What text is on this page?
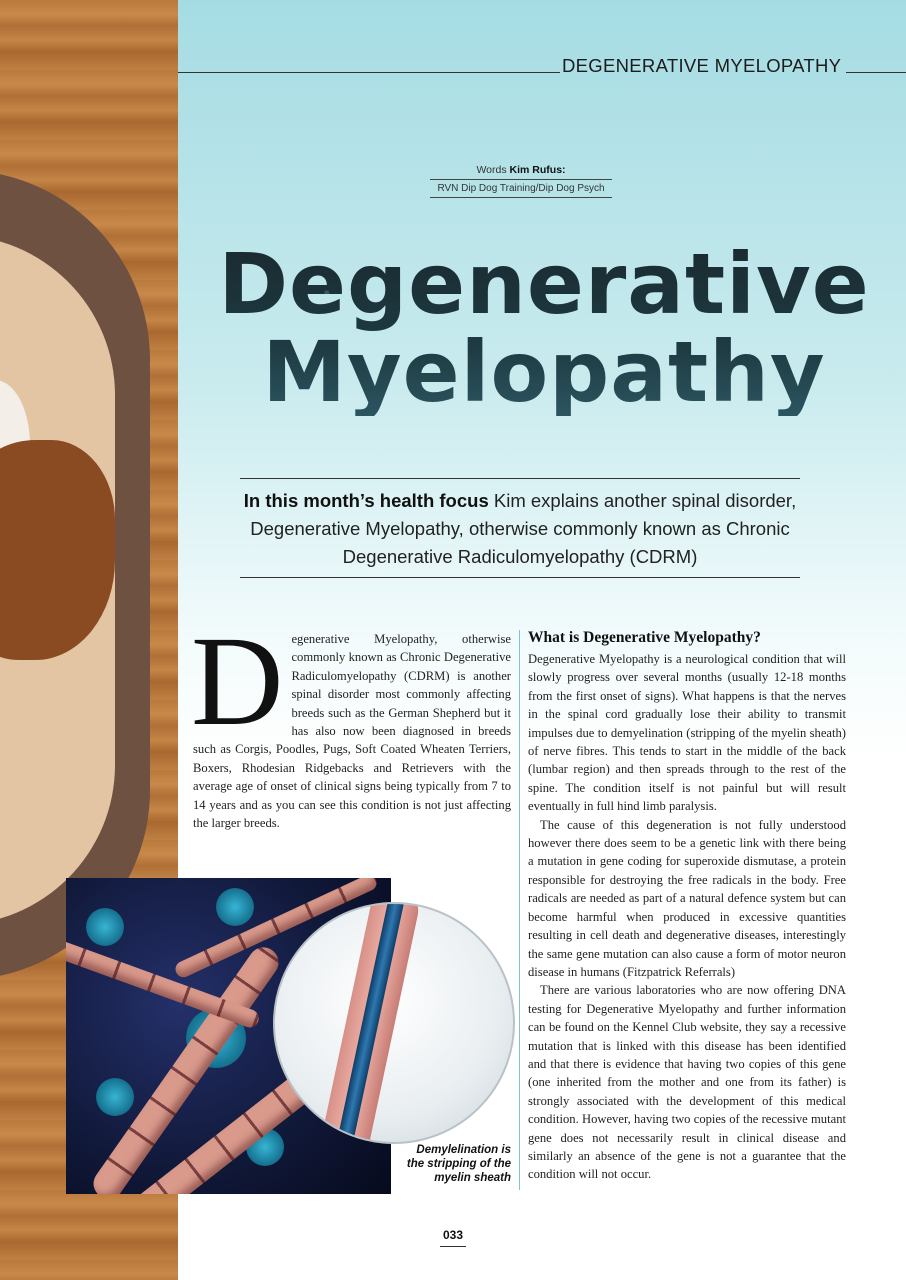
DEGENERATIVE MYELOPATHY
Words Kim Rufus:
RVN Dip Dog Training/Dip Dog Psych
Degenerative
Myelopathy
In this month’s health focus Kim explains another spinal disorder, Degenerative Myelopathy, otherwise commonly known as Chronic Degenerative Radiculomyelopathy (CDRM)
Degenerative Myelopathy, otherwise commonly known as Chronic Degenerative Radiculomyelopathy (CDRM) is another spinal disorder most commonly affecting breeds such as the German Shepherd but it has also now been diagnosed in breeds such as Corgis, Poodles, Pugs, Soft Coated Wheaten Terriers, Boxers, Rhodesian Ridgebacks and Retrievers with the average age of onset of clinical signs being typically from 7 to 14 years and as you can see this condition is not just affecting the larger breeds.
What is Degenerative Myelopathy?

Degenerative Myelopathy is a neurological condition that will slowly progress over several months (usually 12-18 months from the first onset of signs). What happens is that the nerves in the spinal cord gradually lose their ability to transmit impulses due to demyelination (stripping of the myelin sheath) of nerve fibres. This tends to start in the middle of the back (lumbar region) and then spreads through to the rest of the spine. The condition itself is not painful but will result eventually in full hind limb paralysis.

The cause of this degeneration is not fully understood however there does seem to be a genetic link with there being a mutation in gene coding for superoxide dismutase, a protein responsible for destroying the free radicals in the body. Free radicals are needed as part of a natural defence system but can become harmful when produced in excessive quantities resulting in cell death and degenerative diseases, interestingly the same gene mutation can also cause a form of motor neuron disease in humans (Fitzpatrick Referrals)

There are various laboratories who are now offering DNA testing for Degenerative Myelopathy and further information can be found on the Kennel Club website, they say a recessive mutation that is linked with this disease has been identified and that there is evidence that having two copies of this gene (one inherited from the mother and one from its father) is strongly associated with the development of this medical condition. However, having two copies of the recessive mutant gene does not necessarily result in clinical disease and similarly an absence of the gene is not a guarantee that the condition will not occur.

Demylelination is the stripping of the myelin sheath
033
